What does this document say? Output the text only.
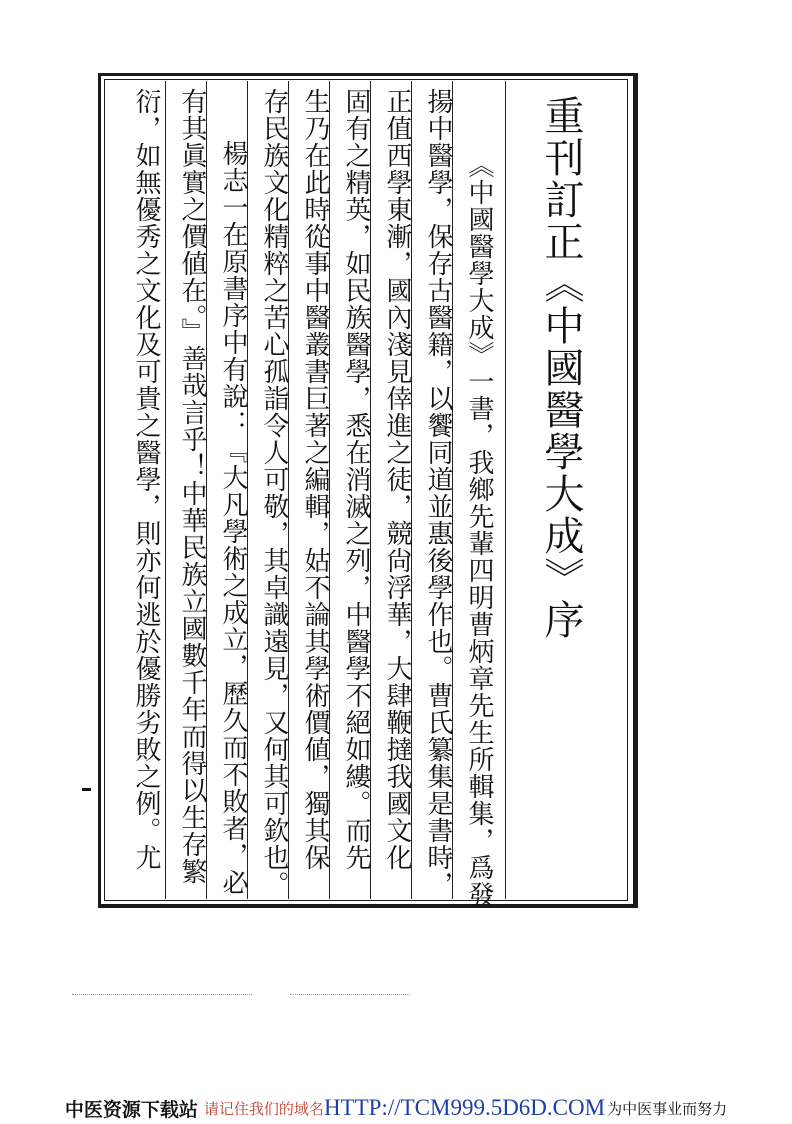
重刊訂正《中國醫學大成》序
《中國醫學大成》一書，我鄉先輩四明曹炳章先生所輯集，爲發
揚中醫學，保存古醫籍，以饗同道並惠後學作也。曹氏纂集是書時，
正值西學東漸，國內淺見倖進之徒，競尙浮華，大肆鞭撻我國文化
固有之精英，如民族醫學，悉在消滅之列，中醫學不絕如縷。而先
生乃在此時從事中醫叢書巨著之編輯，姑不論其學術價値，獨其保
存民族文化精粹之苦心孤詣令人可敬，其卓識遠見，又何其可欽也。
楊志一在原書序中有說：『大凡學術之成立，歷久而不敗者，必
有其眞實之價値在。』善哉言乎！中華民族立國數千年而得以生存繁
衍，如無優秀之文化及可貴之醫學，則亦何逃於優勝劣敗之例。尤
中医资源下载站 请记住我们的域名 HTTP://TCM999.5D6D.COM 为中医事业而努力
